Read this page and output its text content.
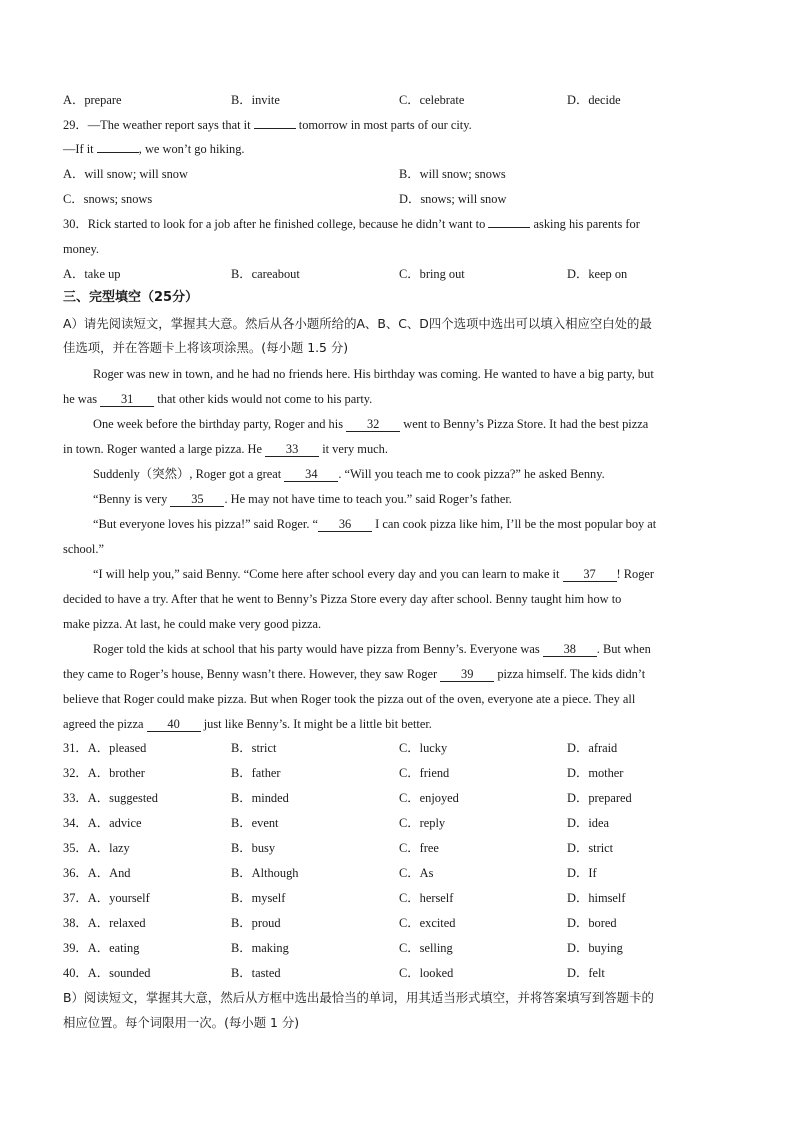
A．prepare	B．invite	C．celebrate	D．decide
29．—The weather report says that it	tomorrow in most parts of our city.
—If it	, we won’t go hiking.
A．will snow; will snow	B．will snow; snows
C．snows; snows	D．snows; will snow
30．Rick started to look for a job after he finished college, because he didn’t want to	asking his parents for
money.
A．take up	B．careabout	C．bring out	D．keep on
三、完型填空（25分）
A）请先阅读短文，掌握其大意。然后从各小题所给的A、B、C、D四个选项中选出可以填入相应空白处的最
佳选项，并在答题卡上将该项涂黑。(每小题 1.5 分)
Roger was new in town, and he had no friends here. His birthday was coming. He wanted to have a big party, but
he was 31 that other kids would not come to his party.
One week before the birthday party, Roger and his 32 went to Benny’s Pizza Store. It had the best pizza
in town. Roger wanted a large pizza. He 33 it very much.
Suddenly（突然）, Roger got a great 34 . “Will you teach me to cook pizza?” he asked Benny.
“Benny is very 35 . He may not have time to teach you.” said Roger’s father.
“But everyone loves his pizza!” said Roger. “ 36 I can cook pizza like him, I’ll be the most popular boy at
school.”
“I will help you,” said Benny. “Come here after school every day and you can learn to make it 37 ! Roger
decided to have a try. After that he went to Benny’s Pizza Store every day after school. Benny taught him how to
make pizza. At last, he could make very good pizza.
Roger told the kids at school that his party would have pizza from Benny’s. Everyone was 38 . But when
they came to Roger’s house, Benny wasn’t there. However, they saw Roger 39 pizza himself. The kids didn’t
believe that Roger could make pizza. But when Roger took the pizza out of the oven, everyone ate a piece. They all
agreed the pizza 40 just like Benny’s. It might be a little bit better.
31．A．pleased	B．strict	C．lucky	D．afraid
32．A．brother	B．father	C．friend	D．mother
33．A．suggested	B．minded	C．enjoyed	D．prepared
34．A．advice	B．event	C．reply	D．idea
35．A．lazy	B．busy	C．free	D．strict
36．A．And	B．Although	C．As	D．If
37．A．yourself	B．myself	C．herself	D．himself
38．A．relaxed	B．proud	C．excited	D．bored
39．A．eating	B．making	C．selling	D．buying
40．A．sounded	B．tasted	C．looked	D．felt
B）阅读短文，掌握其大意，然后从方框中选出最恰当的单词，用其适当形式填空，并将答案填写到答题卡的
相应位置。每个词限用一次。(每小题 1 分)
